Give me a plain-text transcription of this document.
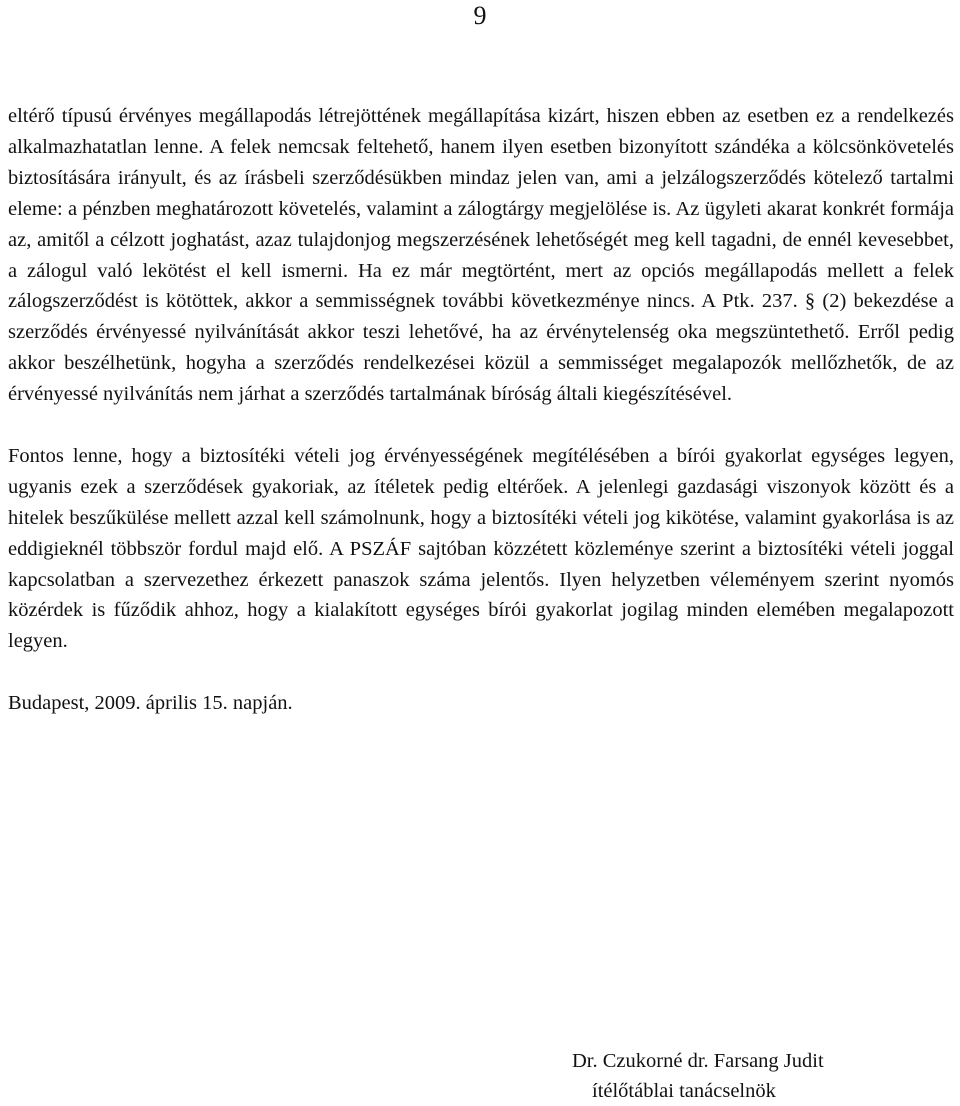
9

eltérő típusú érvényes megállapodás létrejöttének megállapítása kizárt, hiszen ebben az esetben ez a rendelkezés alkalmazhatatlan lenne. A felek nemcsak feltehető, hanem ilyen esetben bizonyított szándéka a kölcsönkövetelés biztosítására irányult, és az írásbeli szerződésükben mindaz jelen van, ami a jelzálogszerződés kötelező tartalmi eleme: a pénzben meghatározott követelés, valamint a zálogtárgy megjelölése is. Az ügyleti akarat konkrét formája az, amitől a célzott joghatást, azaz tulajdonjog megszerzésének lehetőségét meg kell tagadni, de ennél kevesebbet, a zálogul való lekötést el kell ismerni. Ha ez már megtörtént, mert az opciós megállapodás mellett a felek zálogszerződést is kötöttek, akkor a semmisségnek további következménye nincs. A Ptk. 237. § (2) bekezdése a szerződés érvényessé nyilvánítását akkor teszi lehetővé, ha az érvénytelenség oka megszüntethető. Erről pedig akkor beszélhetünk, hogyha a szerződés rendelkezései közül a semmisséget megalapozók mellőzhetők, de az érvényessé nyilvánítás nem járhat a szerződés tartalmának bíróság általi kiegészítésével.

Fontos lenne, hogy a biztosítéki vételi jog érvényességének megítélésében a bírói gyakorlat egységes legyen, ugyanis ezek a szerződések gyakoriak, az ítéletek pedig eltérőek. A jelenlegi gazdasági viszonyok között és a hitelek beszűkülése mellett azzal kell számolnunk, hogy a biztosítéki vételi jog kikötése, valamint gyakorlása is az eddigieknél többször fordul majd elő. A PSZÁF sajtóban közzétett közleménye szerint a biztosítéki vételi joggal kapcsolatban a szervezethez érkezett panaszok száma jelentős. Ilyen helyzetben véleményem szerint nyomós közérdek is fűződik ahhoz, hogy a kialakított egységes bírói gyakorlat jogilag minden elemében megalapozott legyen.

Budapest, 2009. április 15. napján.

Dr. Czukorné dr. Farsang Judit
ítélőtáblai tanácselnök
